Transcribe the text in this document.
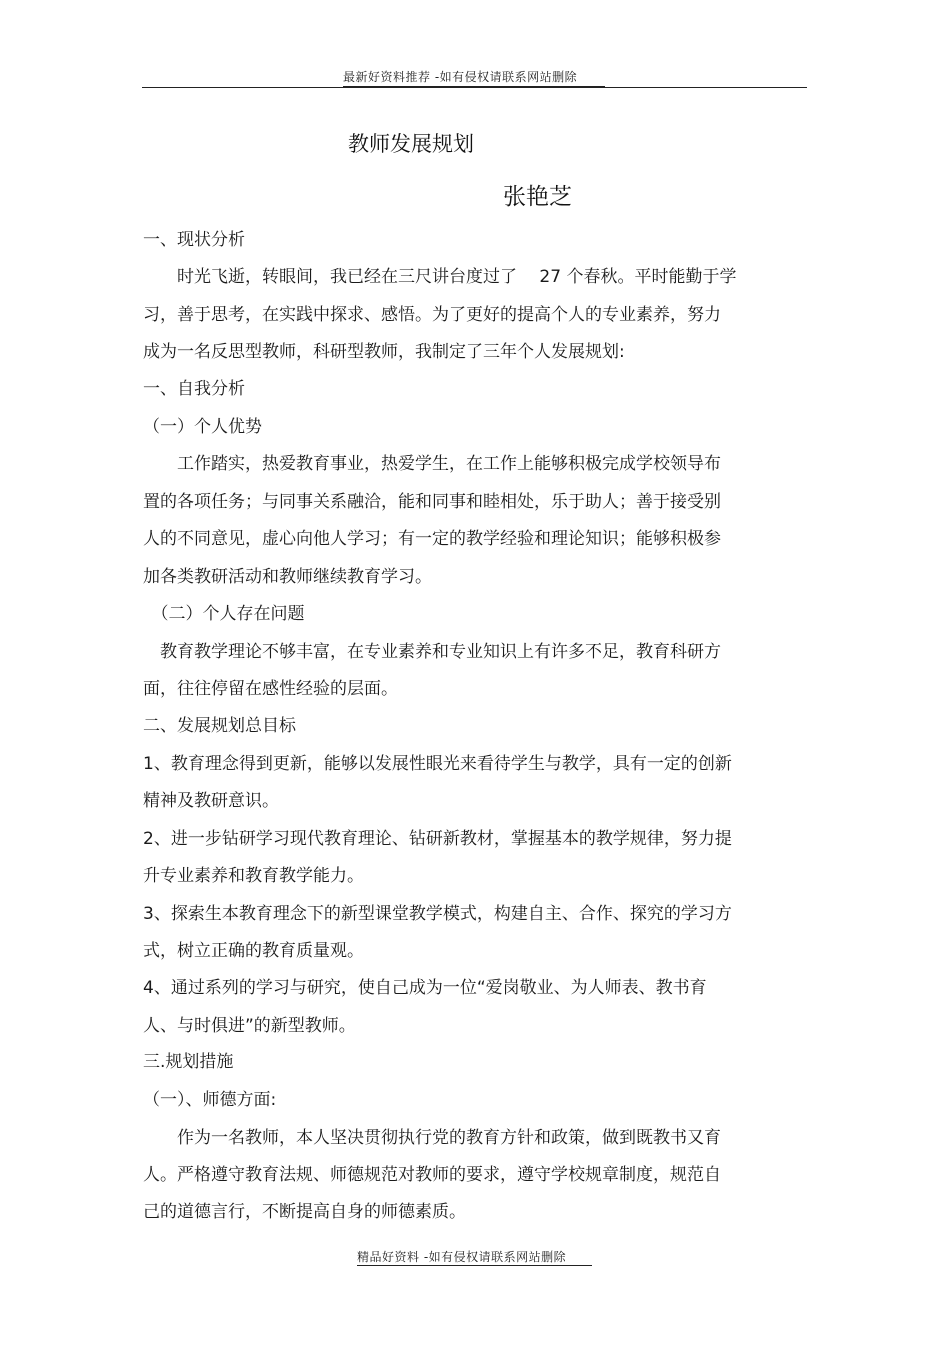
最新好资料推荐 -如有侵权请联系网站删除
教师发展规划
张艳芝
一、现状分析
　　时光飞逝，转眼间，我已经在三尺讲台度过了　 27 个春秋。平时能勤于学
习，善于思考，在实践中探求、感悟。为了更好的提高个人的专业素养，努力
成为一名反思型教师，科研型教师，我制定了三年个人发展规划:
一、自我分析
（一）个人优势
　　工作踏实，热爱教育事业，热爱学生，在工作上能够积极完成学校领导布
置的各项任务；与同事关系融洽，能和同事和睦相处，乐于助人；善于接受别
人的不同意见，虚心向他人学习；有一定的教学经验和理论知识；能够积极参
加各类教研活动和教师继续教育学习。
　（二）个人存在问题
　教育教学理论不够丰富，在专业素养和专业知识上有许多不足，教育科研方
面，往往停留在感性经验的层面。
二、发展规划总目标
1、教育理念得到更新，能够以发展性眼光来看待学生与教学，具有一定的创新
精神及教研意识。
2、进一步钻研学习现代教育理论、钻研新教材，掌握基本的教学规律，努力提
升专业素养和教育教学能力。
3、探索生本教育理念下的新型课堂教学模式，构建自主、合作、探究的学习方
式，树立正确的教育质量观。
4、通过系列的学习与研究，使自己成为一位“爱岗敬业、为人师表、教书育
人、与时俱进”的新型教师。
三.规划措施
（一）、师德方面:
　　作为一名教师，本人坚决贯彻执行党的教育方针和政策，做到既教书又育
人。严格遵守教育法规、师德规范对教师的要求，遵守学校规章制度，规范自
己的道德言行，不断提高自身的师德素质。
精品好资料 -如有侵权请联系网站删除
